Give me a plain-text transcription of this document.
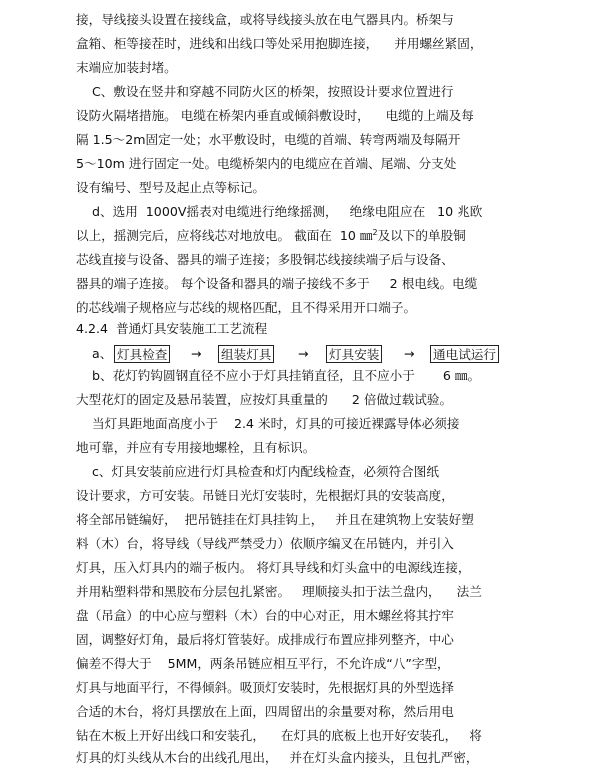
接，导线接头设置在接线盒，或将导线接头放在电气器具内。桥架与
盒箱、柜等接茬时，进线和出线口等处采用抱脚连接，    并用螺丝紧固，
末端应加装封堵。
C、敷设在竖井和穿越不同防火区的桥架，按照设计要求位置进行
设防火隔堵措施。 电缆在桥架内垂直或倾斜敷设时，    电缆的上端及每
隔 1.5～2m固定一处；水平敷设时，电缆的首端、转弯两端及每隔开
5～10m 进行固定一处。电缆桥架内的电缆应在首端、尾端、分支处
设有编号、型号及起止点等标记。
d、选用  1000V摇表对电缆进行绝缘摇测，   绝缘电阻应在   10 兆欧
以上，摇测完后，应将线芯对地放电。 截面在  10 ㎜$^2$及以下的单股铜
芯线直接与设备、器具的端子连接；多股铜芯线接续端子后与设备、
器具的端子连接。 每个设备和器具的端子接线不多于     2 根电线。电缆
的芯线端子规格应与芯线的规格匹配，且不得采用开口端子。
4.2.4  普通灯具安装施工工艺流程
a、 灯具检查 → 组装灯具 → 灯具安装 → 通电试运行
b、花灯钓钩圆钢直径不应小于灯具挂销直径，且不应小于       6 ㎜。
大型花灯的固定及悬吊装置，应按灯具重量的      2 倍做过载试验。
当灯具距地面高度小于    2.4 米时，灯具的可接近裸露导体必须接
地可靠，并应有专用接地螺栓，且有标识。
c、灯具安装前应进行灯具检查和灯内配线检查，必须符合图纸
设计要求，方可安装。吊链日光灯安装时，先根据灯具的安装高度，
将全部吊链编好，  把吊链挂在灯具挂钩上，   并且在建筑物上安装好塑
料（木）台，将导线（导线严禁受力）依顺序编叉在吊链内，并引入
灯具，压入灯具内的端子板内。 将灯具导线和灯头盒中的电源线连接，
并用粘塑料带和黑胶布分层包扎紧密。   理顺接头扣于法兰盘内，    法兰
盘（吊盒）的中心应与塑料（木）台的中心对正，用木螺丝将其拧牢
固，调整好灯角，最后将灯管装好。成排成行布置应排列整齐，中心
偏差不得大于    5MM，两条吊链应相互平行，不允许成“八”字型，
灯具与地面平行，不得倾斜。吸顶灯安装时，先根据灯具的外型选择
合适的木台，将灯具摆放在上面，四周留出的余量要对称，然后用电
钻在木板上开好出线口和安装孔，    在灯具的底板上也开好安装孔，   将
灯具的灯头线从木台的出线孔甩出，   并在灯头盒内接头，且包扎严密，
